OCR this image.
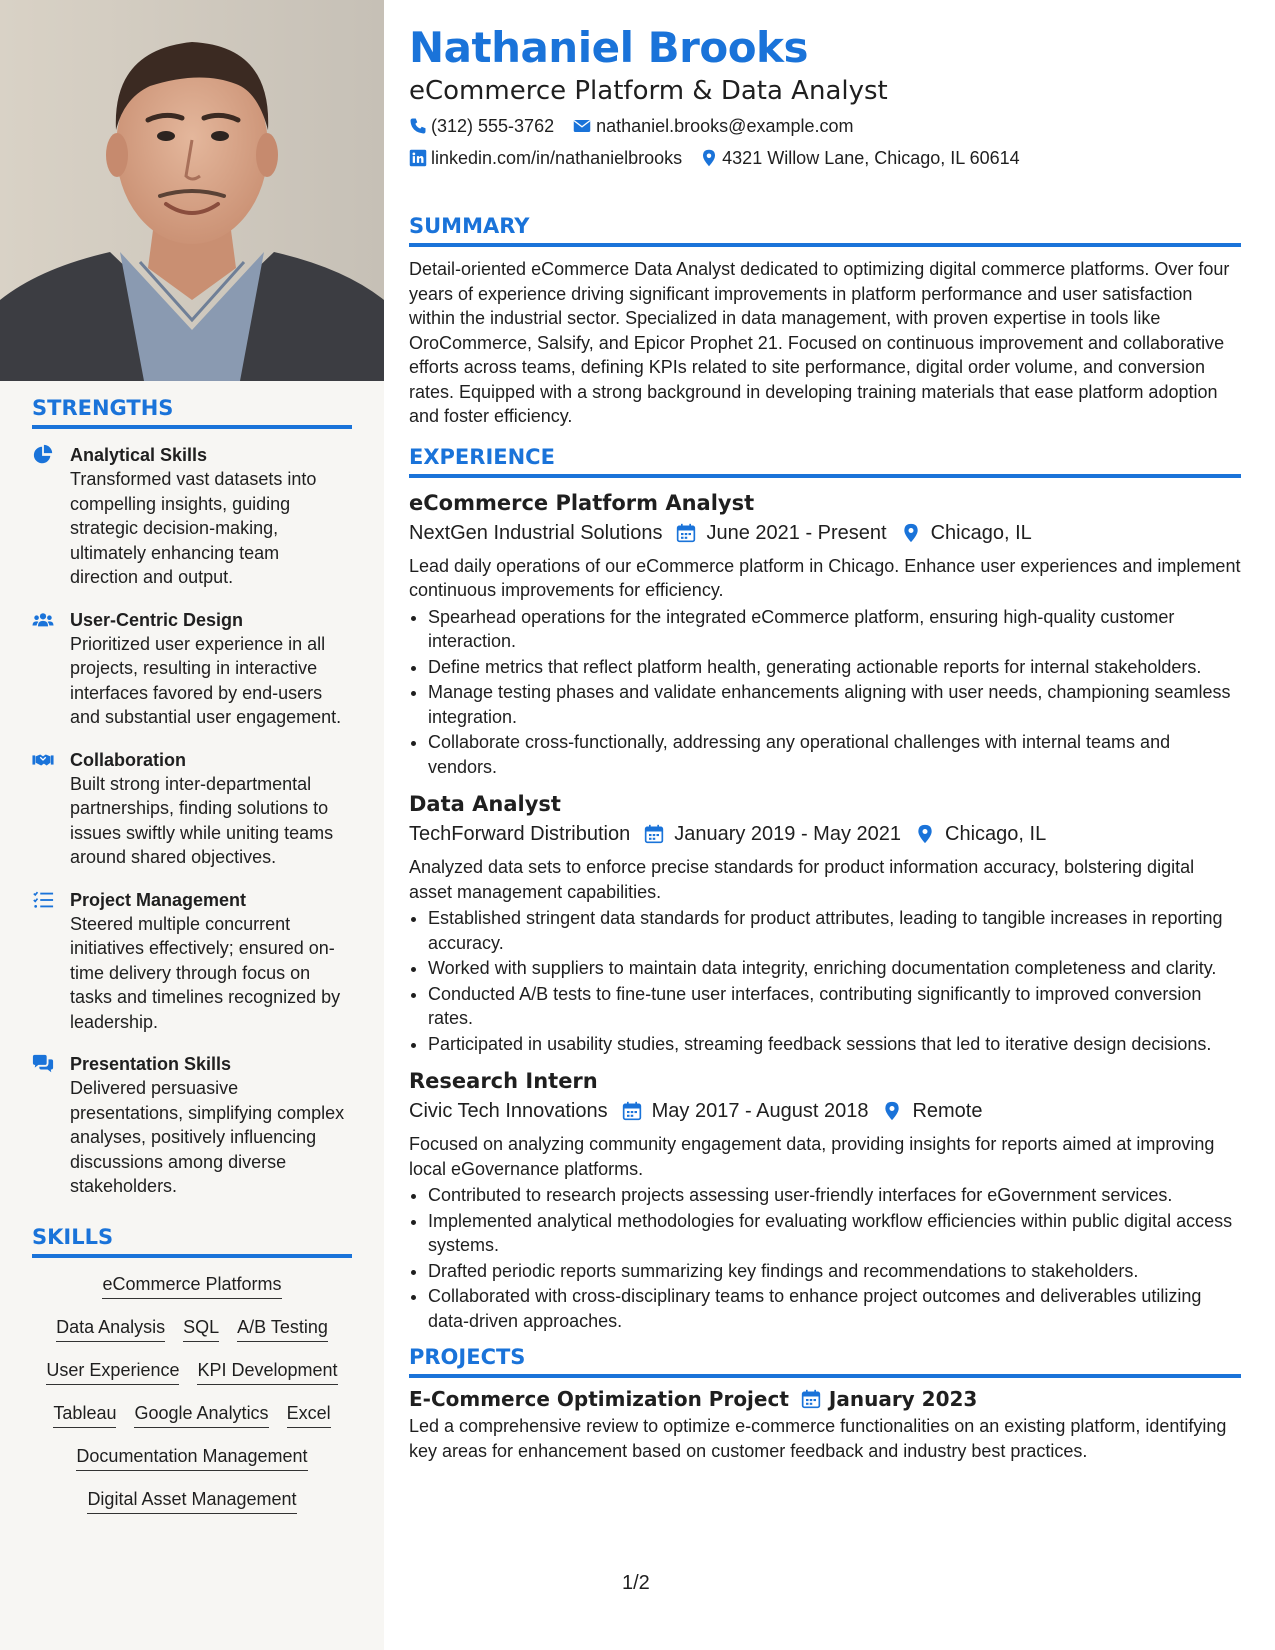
STRENGTHS
Analytical Skills
Transformed vast datasets into compelling insights, guiding strategic decision-making, ultimately enhancing team direction and output.
User-Centric Design
Prioritized user experience in all projects, resulting in interactive interfaces favored by end-users and substantial user engagement.
Collaboration
Built strong inter-departmental partnerships, finding solutions to issues swiftly while uniting teams around shared objectives.
Project Management
Steered multiple concurrent initiatives effectively; ensured on-time delivery through focus on tasks and timelines recognized by leadership.
Presentation Skills
Delivered persuasive presentations, simplifying complex analyses, positively influencing discussions among diverse stakeholders.
SKILLS
eCommerce Platforms
Data Analysis SQL A/B Testing
User Experience KPI Development
Tableau Google Analytics Excel
Documentation Management
Digital Asset Management
Nathaniel Brooks
eCommerce Platform & Data Analyst
(312) 555-3762 nathaniel.brooks@example.com
linkedin.com/in/nathanielbrooks 4321 Willow Lane, Chicago, IL 60614
SUMMARY
Detail-oriented eCommerce Data Analyst dedicated to optimizing digital commerce platforms. Over four years of experience driving significant improvements in platform performance and user satisfaction within the industrial sector. Specialized in data management, with proven expertise in tools like OroCommerce, Salsify, and Epicor Prophet 21. Focused on continuous improvement and collaborative efforts across teams, defining KPIs related to site performance, digital order volume, and conversion rates. Equipped with a strong background in developing training materials that ease platform adoption and foster efficiency.
EXPERIENCE
eCommerce Platform Analyst
NextGen Industrial Solutions June 2021 - Present Chicago, IL
Lead daily operations of our eCommerce platform in Chicago. Enhance user experiences and implement continuous improvements for efficiency.
• Spearhead operations for the integrated eCommerce platform, ensuring high-quality customer interaction.
• Define metrics that reflect platform health, generating actionable reports for internal stakeholders.
• Manage testing phases and validate enhancements aligning with user needs, championing seamless integration.
• Collaborate cross-functionally, addressing any operational challenges with internal teams and vendors.
Data Analyst
TechForward Distribution January 2019 - May 2021 Chicago, IL
Analyzed data sets to enforce precise standards for product information accuracy, bolstering digital asset management capabilities.
• Established stringent data standards for product attributes, leading to tangible increases in reporting accuracy.
• Worked with suppliers to maintain data integrity, enriching documentation completeness and clarity.
• Conducted A/B tests to fine-tune user interfaces, contributing significantly to improved conversion rates.
• Participated in usability studies, streaming feedback sessions that led to iterative design decisions.
Research Intern
Civic Tech Innovations May 2017 - August 2018 Remote
Focused on analyzing community engagement data, providing insights for reports aimed at improving local eGovernance platforms.
• Contributed to research projects assessing user-friendly interfaces for eGovernment services.
• Implemented analytical methodologies for evaluating workflow efficiencies within public digital access systems.
• Drafted periodic reports summarizing key findings and recommendations to stakeholders.
• Collaborated with cross-disciplinary teams to enhance project outcomes and deliverables utilizing data-driven approaches.
PROJECTS
E-Commerce Optimization Project January 2023
Led a comprehensive review to optimize e-commerce functionalities on an existing platform, identifying key areas for enhancement based on customer feedback and industry best practices.
1/2
